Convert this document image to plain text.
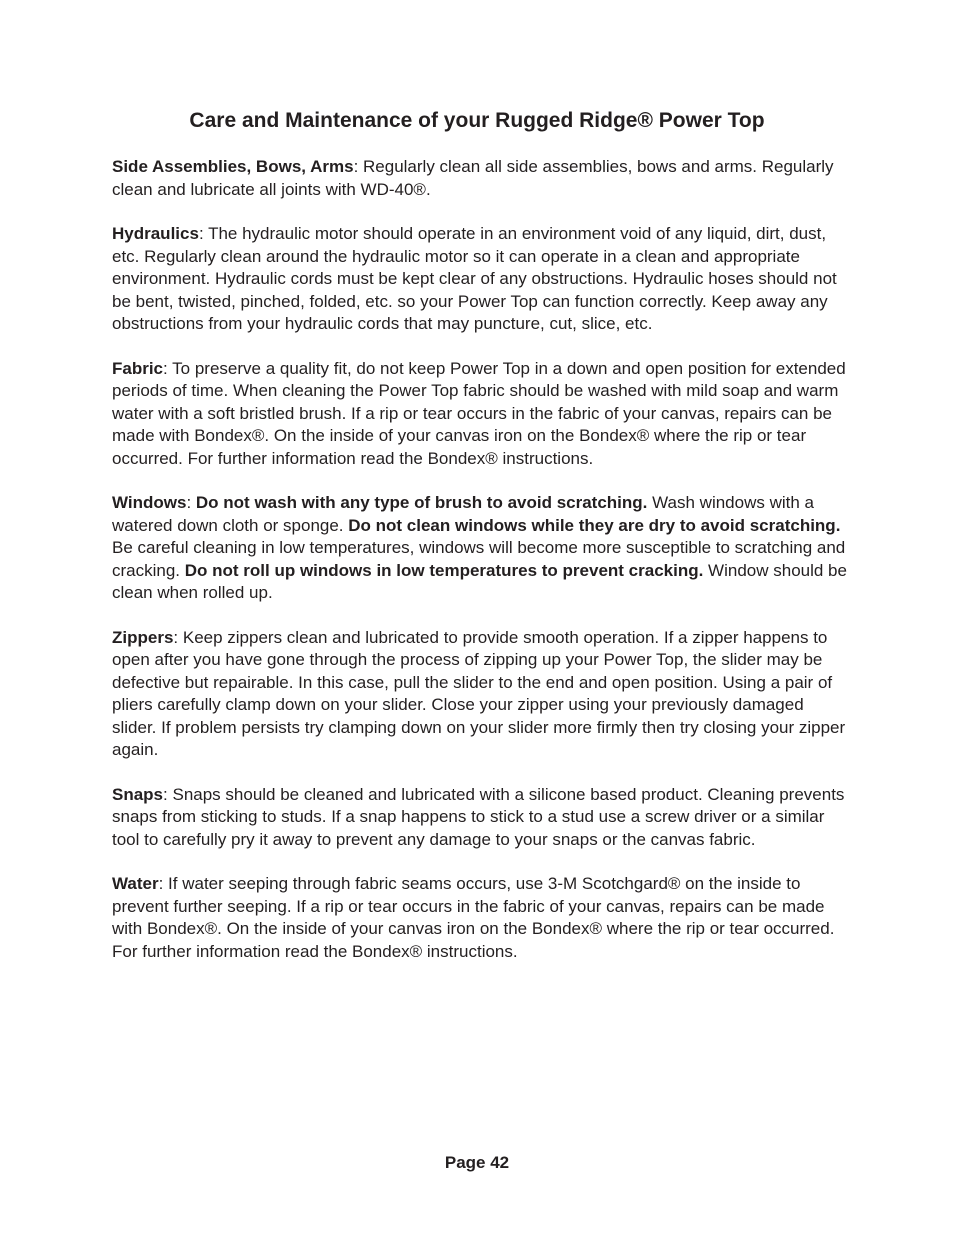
Care and Maintenance of your Rugged Ridge® Power Top

Side Assemblies, Bows, Arms: Regularly clean all side assemblies, bows and arms. Regularly clean and lubricate all joints with WD-40®.

Hydraulics: The hydraulic motor should operate in an environment void of any liquid, dirt, dust, etc. Regularly clean around the hydraulic motor so it can operate in a clean and appropriate environment. Hydraulic cords must be kept clear of any obstructions. Hydraulic hoses should not be bent, twisted, pinched, folded, etc. so your Power Top can function correctly. Keep away any obstructions from your hydraulic cords that may puncture, cut, slice, etc.

Fabric: To preserve a quality fit, do not keep Power Top in a down and open position for extended periods of time. When cleaning the Power Top fabric should be washed with mild soap and warm water with a soft bristled brush. If a rip or tear occurs in the fabric of your canvas, repairs can be made with Bondex®. On the inside of your canvas iron on the Bondex® where the rip or tear occurred. For further information read the Bondex® instructions.

Windows: Do not wash with any type of brush to avoid scratching. Wash windows with a watered down cloth or sponge. Do not clean windows while they are dry to avoid scratching. Be careful cleaning in low temperatures, windows will become more susceptible to scratching and cracking. Do not roll up windows in low temperatures to prevent cracking. Window should be clean when rolled up.

Zippers: Keep zippers clean and lubricated to provide smooth operation. If a zipper happens to open after you have gone through the process of zipping up your Power Top, the slider may be defective but repairable. In this case, pull the slider to the end and open position. Using a pair of pliers carefully clamp down on your slider. Close your zipper using your previously damaged slider. If problem persists try clamping down on your slider more firmly then try closing your zipper again.

Snaps: Snaps should be cleaned and lubricated with a silicone based product. Cleaning prevents snaps from sticking to studs. If a snap happens to stick to a stud use a screw driver or a similar tool to carefully pry it away to prevent any damage to your snaps or the canvas fabric.

Water: If water seeping through fabric seams occurs, use 3-M Scotchgard® on the inside to prevent further seeping. If a rip or tear occurs in the fabric of your canvas, repairs can be made with Bondex®. On the inside of your canvas iron on the Bondex® where the rip or tear occurred. For further information read the Bondex® instructions.

Page 42
